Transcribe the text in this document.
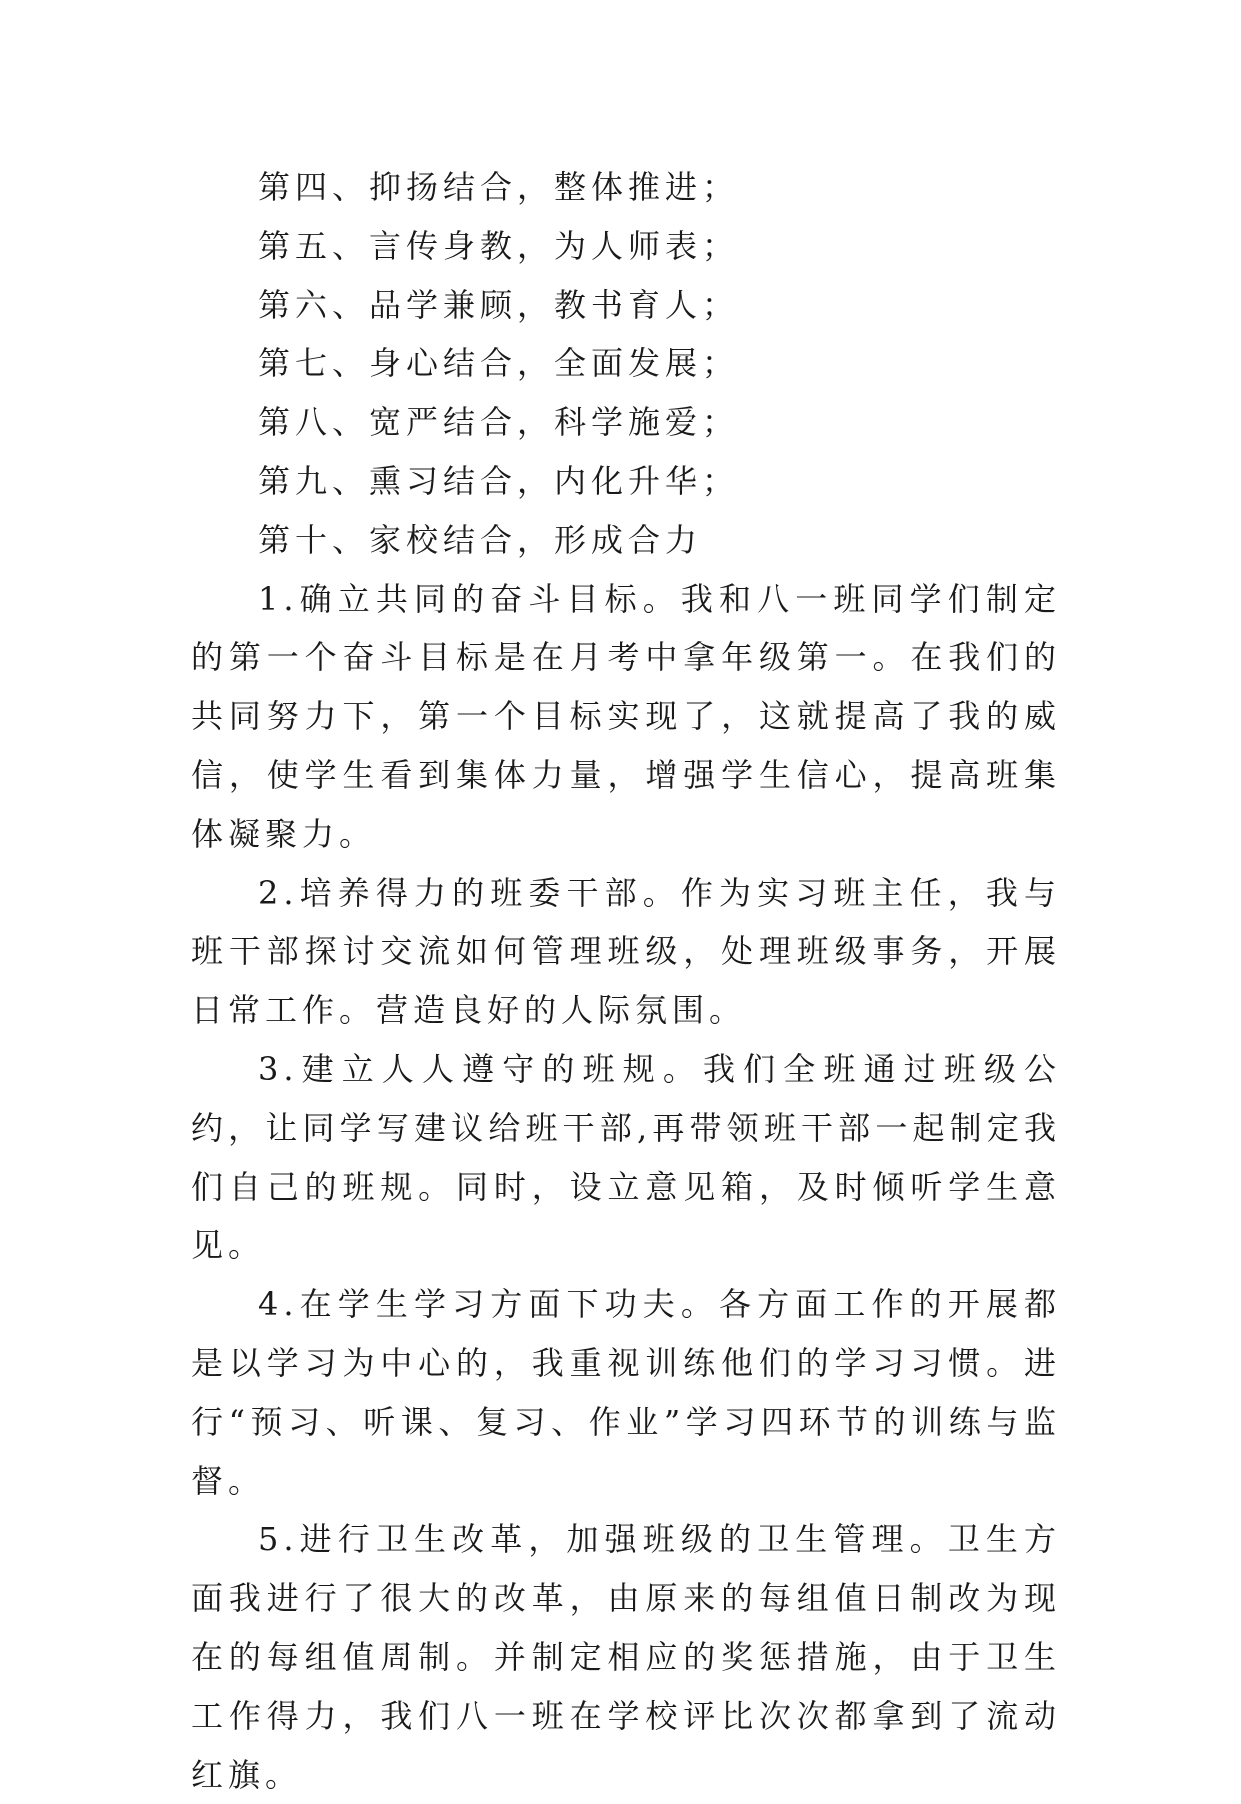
第四、抑扬结合，整体推进；

第五、言传身教，为人师表；

第六、品学兼顾，教书育人；

第七、身心结合，全面发展；

第八、宽严结合，科学施爱；

第九、熏习结合，内化升华；

第十、家校结合，形成合力

1.确立共同的奋斗目标。我和八一班同学们制定的第一个奋斗目标是在月考中拿年级第一。在我们的共同努力下，第一个目标实现了，这就提高了我的威信，使学生看到集体力量，增强学生信心，提高班集体凝聚力。

2.培养得力的班委干部。作为实习班主任，我与班干部探讨交流如何管理班级，处理班级事务，开展日常工作。营造良好的人际氛围。

3.建立人人遵守的班规。我们全班通过班级公约，让同学写建议给班干部,再带领班干部一起制定我们自己的班规。同时，设立意见箱，及时倾听学生意见。

4.在学生学习方面下功夫。各方面工作的开展都是以学习为中心的，我重视训练他们的学习习惯。进行“预习、听课、复习、作业”学习四环节的训练与监督。

5.进行卫生改革，加强班级的卫生管理。卫生方面我进行了很大的改革，由原来的每组值日制改为现在的每组值周制。并制定相应的奖惩措施，由于卫生工作得力，我们八一班在学校评比次次都拿到了流动红旗。
